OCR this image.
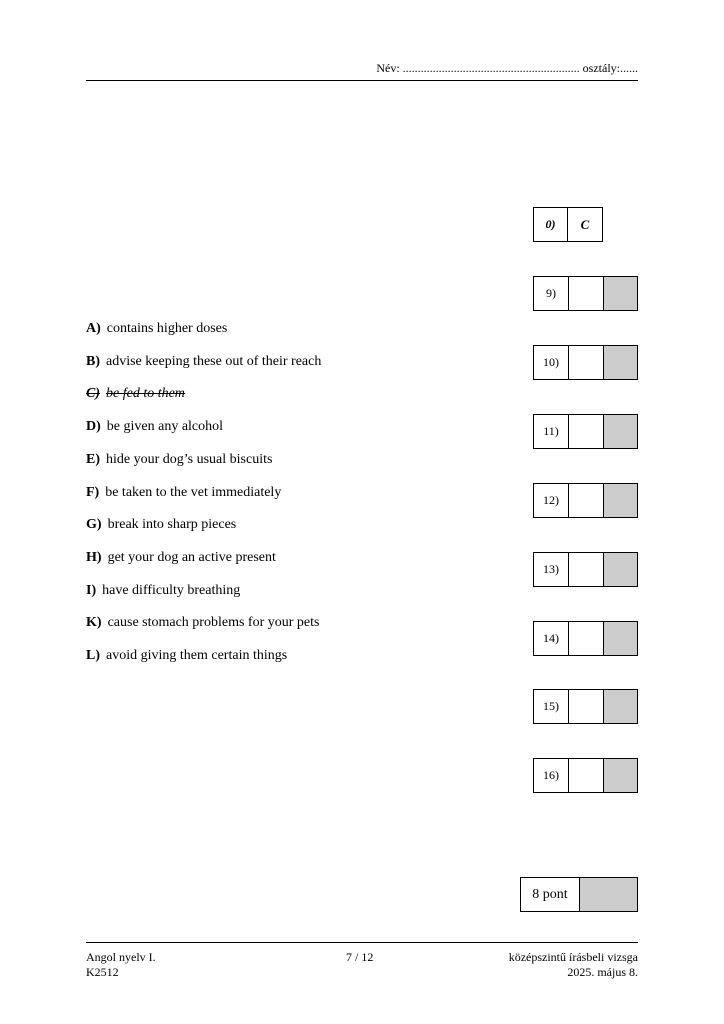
Név: ........................................................... osztály:......
0)	C
A) contains higher doses
B) advise keeping these out of their reach
C) be fed to them
D) be given any alcohol
E) hide your dog’s usual biscuits
F) be taken to the vet immediately
G) break into sharp pieces
H) get your dog an active present
I) have difficulty breathing
K) cause stomach problems for your pets
L) avoid giving them certain things
9)
10)
11)
12)
13)
14)
15)
16)
8 pont
Angol nyelv I.
K2512
7 / 12	középszintű írásbeli vizsga
2025. május 8.
